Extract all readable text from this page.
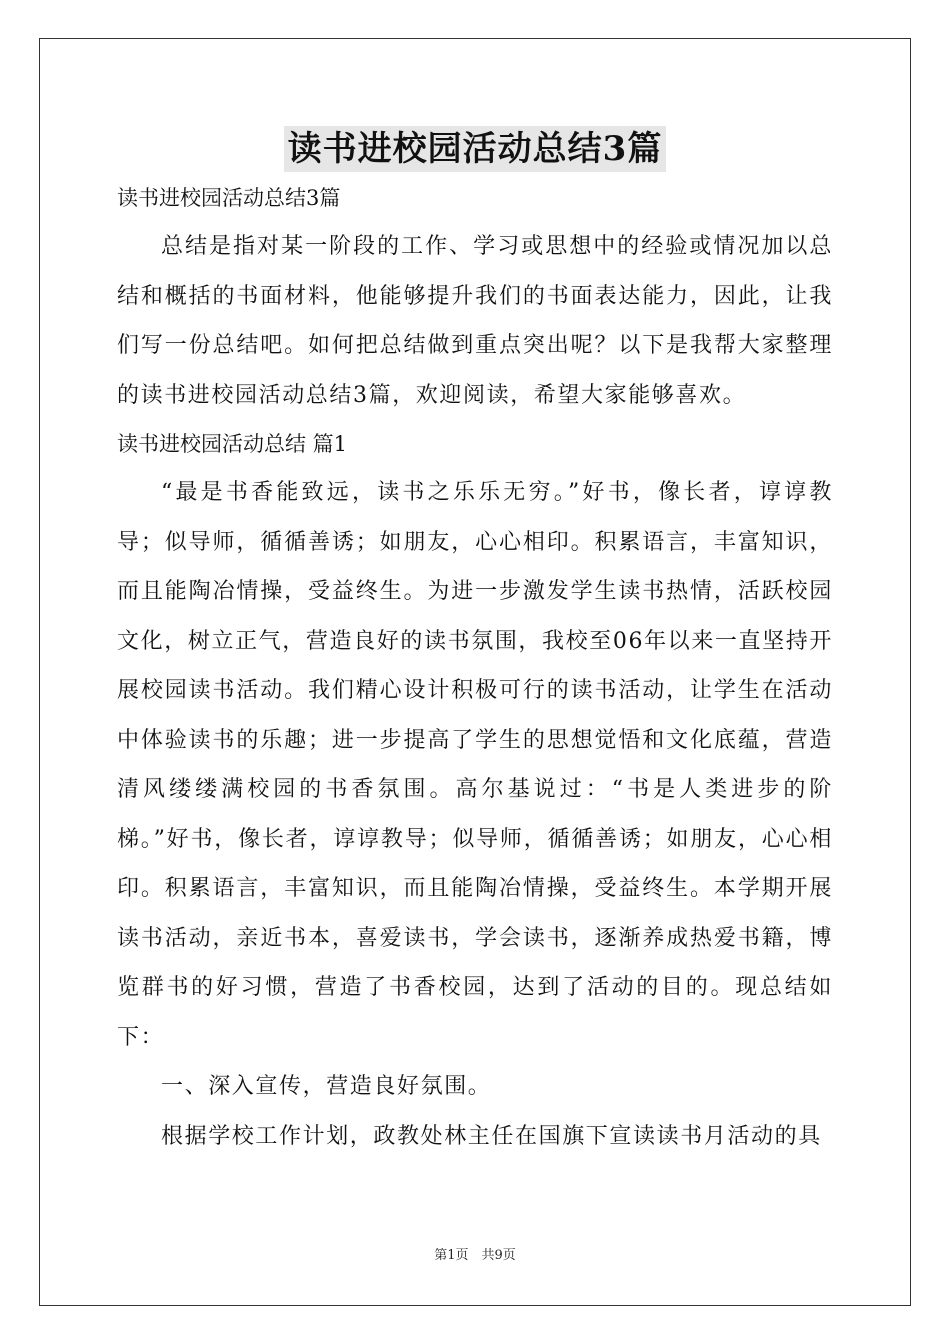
读书进校园活动总结3篇
读书进校园活动总结3篇

总结是指对某一阶段的工作、学习或思想中的经验或情况加以总结和概括的书面材料，他能够提升我们的书面表达能力，因此，让我们写一份总结吧。如何把总结做到重点突出呢？以下是我帮大家整理的读书进校园活动总结3篇，欢迎阅读，希望大家能够喜欢。

读书进校园活动总结 篇1

“最是书香能致远，读书之乐乐无穷。”好书，像长者，谆谆教导；似导师，循循善诱；如朋友，心心相印。积累语言，丰富知识，而且能陶冶情操，受益终生。为进一步激发学生读书热情，活跃校园文化，树立正气，营造良好的读书氛围，我校至06年以来一直坚持开展校园读书活动。我们精心设计积极可行的读书活动，让学生在活动中体验读书的乐趣；进一步提高了学生的思想觉悟和文化底蕴，营造清风缕缕满校园的书香氛围。高尔基说过：“书是人类进步的阶梯。”好书，像长者，谆谆教导；似导师，循循善诱；如朋友，心心相印。积累语言，丰富知识，而且能陶冶情操，受益终生。本学期开展读书活动，亲近书本，喜爱读书，学会读书，逐渐养成热爱书籍，博览群书的好习惯，营造了书香校园，达到了活动的目的。现总结如下：

一、深入宣传，营造良好氛围。

根据学校工作计划，政教处林主任在国旗下宣读读书月活动的具

第1页　共9页
